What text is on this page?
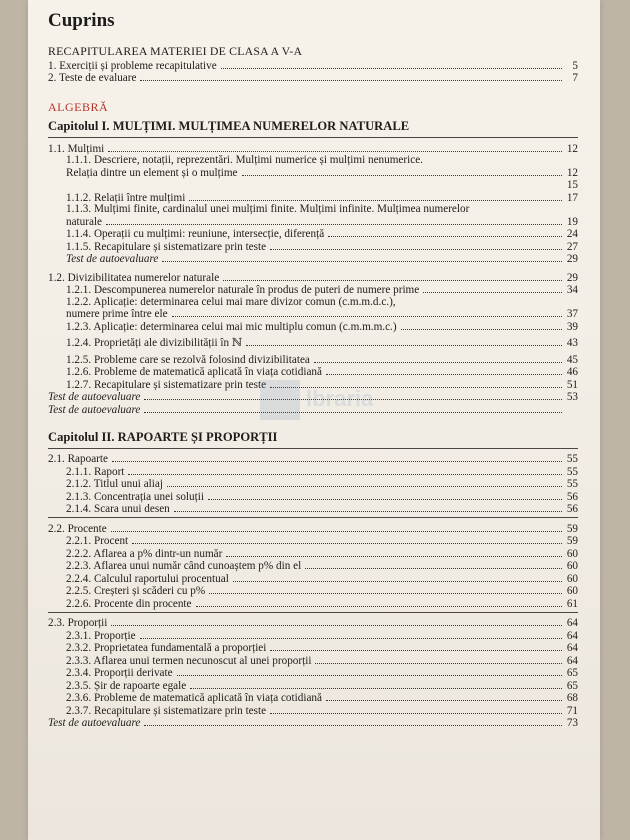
Cuprins
RECAPITULAREA MATERIEI DE CLASA A V-A
1. Exerciții și probleme recapitulative	5
2. Teste de evaluare	7
ALGEBRĂ
Capitolul I. MULȚIMI. MULȚIMEA NUMERELOR NATURALE
1.1. Mulțimi	12
1.1.1. Descriere, notații, reprezentări. Mulțimi numerice și mulțimi nenumerice.
Relația dintre un element și o mulțime	12
15
1.1.2. Relații între mulțimi	17
1.1.3. Mulțimi finite, cardinalul unei mulțimi finite. Mulțimi infinite. Mulțimea numerelor
naturale	19
1.1.4. Operații cu mulțimi: reuniune, intersecție, diferență	24
1.1.5. Recapitulare și sistematizare prin teste	27
Test de autoevaluare	29
1.2. Divizibilitatea numerelor naturale	29
1.2.1. Descompunerea numerelor naturale în produs de puteri de numere prime	34
1.2.2. Aplicație: determinarea celui mai mare divizor comun (c.m.m.d.c.),
numere prime între ele	37
1.2.3. Aplicație: determinarea celui mai mic multiplu comun (c.m.m.m.c.)	39
1.2.4. Proprietăți ale divizibilității în ℕ	43
1.2.5. Probleme care se rezolvă folosind divizibilitatea	45
1.2.6. Probleme de matematică aplicată în viața cotidiană	46
1.2.7. Recapitulare și sistematizare prin teste	51
Test de autoevaluare	53
Test de autoevaluare
Capitolul II. RAPOARTE ȘI PROPORȚII
2.1. Rapoarte	55
2.1.1. Raport	55
2.1.2. Titlul unui aliaj	55
2.1.3. Concentrația unei soluții	56
2.1.4. Scara unui desen	56
2.2. Procente	59
2.2.1. Procent	59
2.2.2. Aflarea a p% dintr-un număr	60
2.2.3. Aflarea unui număr când cunoaștem p% din el	60
2.2.4. Calculul raportului procentual	60
2.2.5. Creșteri și scăderi cu p%	60
2.2.6. Procente din procente	61
2.3. Proporții	64
2.3.1. Proporție	64
2.3.2. Proprietatea fundamentală a proporției	64
2.3.3. Aflarea unui termen necunoscut al unei proporții	64
2.3.4. Proporții derivate	65
2.3.5. Șir de rapoarte egale	65
2.3.6. Probleme de matematică aplicată în viața cotidiană	68
2.3.7. Recapitulare și sistematizare prin teste	71
Test de autoevaluare	73
lbraria
